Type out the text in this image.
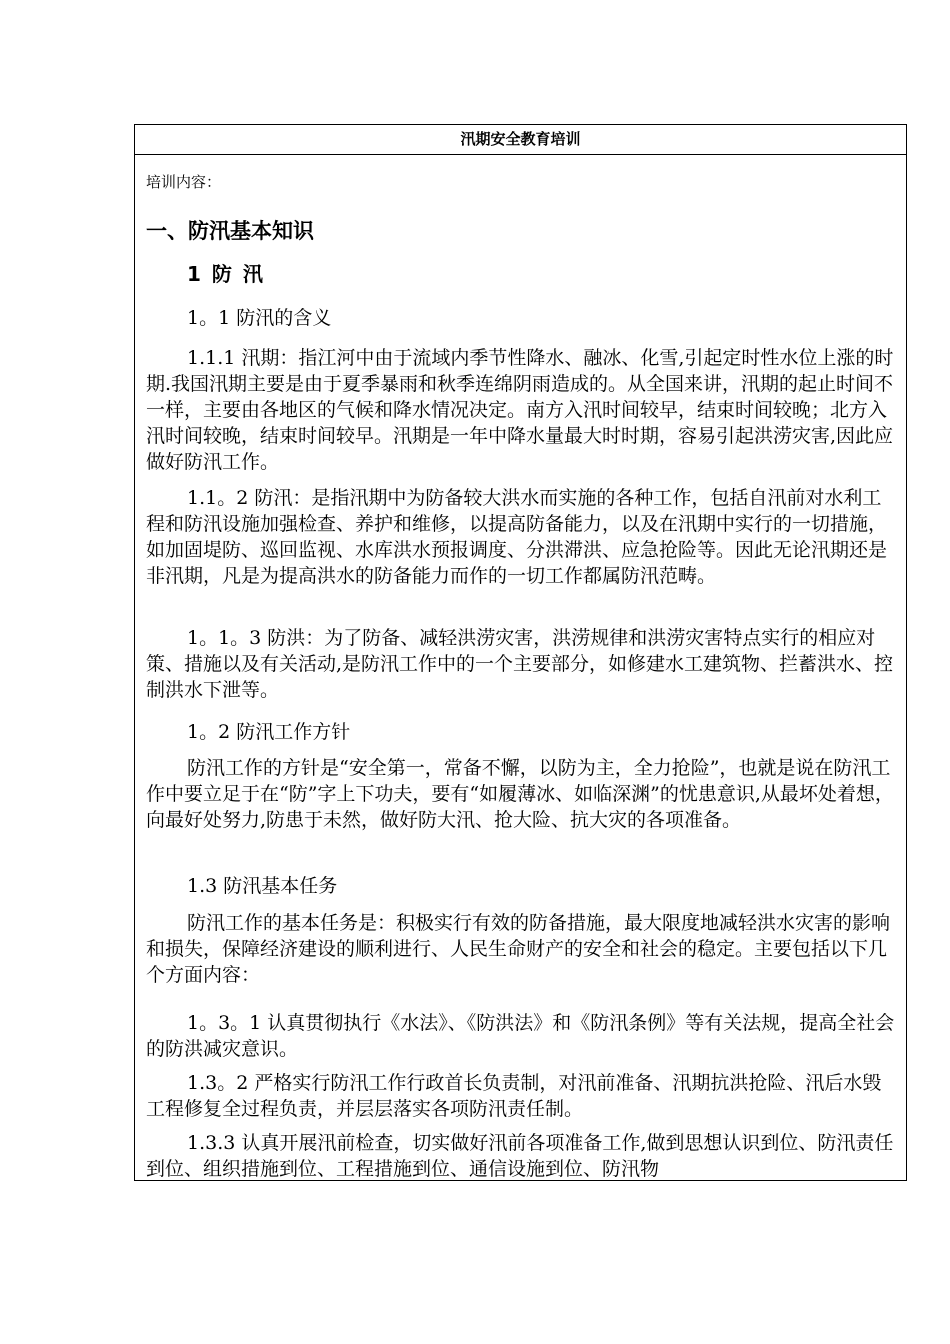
汛期安全教育培训
培训内容：
一、防汛基本知识
1 防 汛
1。1 防汛的含义

1.1.1 汛期：指江河中由于流域内季节性降水、融冰、化雪,引起定时性水位上涨的时期.我国汛期主要是由于夏季暴雨和秋季连绵阴雨造成的。从全国来讲，汛期的起止时间不一样，主要由各地区的气候和降水情况决定。南方入汛时间较早，结束时间较晚；北方入汛时间较晚，结束时间较早。汛期是一年中降水量最大时时期，容易引起洪涝灾害,因此应做好防汛工作。

1.1。2 防汛：是指汛期中为防备较大洪水而实施的各种工作，包括自汛前对水利工程和防汛设施加强检查、养护和维修，以提高防备能力，以及在汛期中实行的一切措施，如加固堤防、巡回监视、水库洪水预报调度、分洪滞洪、应急抢险等。因此无论汛期还是非汛期，凡是为提高洪水的防备能力而作的一切工作都属防汛范畴。

1。1。3 防洪：为了防备、减轻洪涝灾害，洪涝规律和洪涝灾害特点实行的相应对策、措施以及有关活动,是防汛工作中的一个主要部分，如修建水工建筑物、拦蓄洪水、控制洪水下泄等。

1。2 防汛工作方针

防汛工作的方针是“安全第一，常备不懈，以防为主，全力抢险”，也就是说在防汛工作中要立足于在“防”字上下功夫，要有“如履薄冰、如临深渊”的忧患意识,从最坏处着想，向最好处努力,防患于未然，做好防大汛、抢大险、抗大灾的各项准备。

1.3 防汛基本任务

防汛工作的基本任务是：积极实行有效的防备措施，最大限度地减轻洪水灾害的影响和损失，保障经济建设的顺利进行、人民生命财产的安全和社会的稳定。主要包括以下几个方面内容：

1。3。1 认真贯彻执行《水法》、《防洪法》和《防汛条例》等有关法规，提高全社会的防洪减灾意识。

1.3。2 严格实行防汛工作行政首长负责制，对汛前准备、汛期抗洪抢险、汛后水毁工程修复全过程负责，并层层落实各项防汛责任制。

1.3.3 认真开展汛前检查，切实做好汛前各项准备工作,做到思想认识到位、防汛责任到位、组织措施到位、工程措施到位、通信设施到位、防汛物
